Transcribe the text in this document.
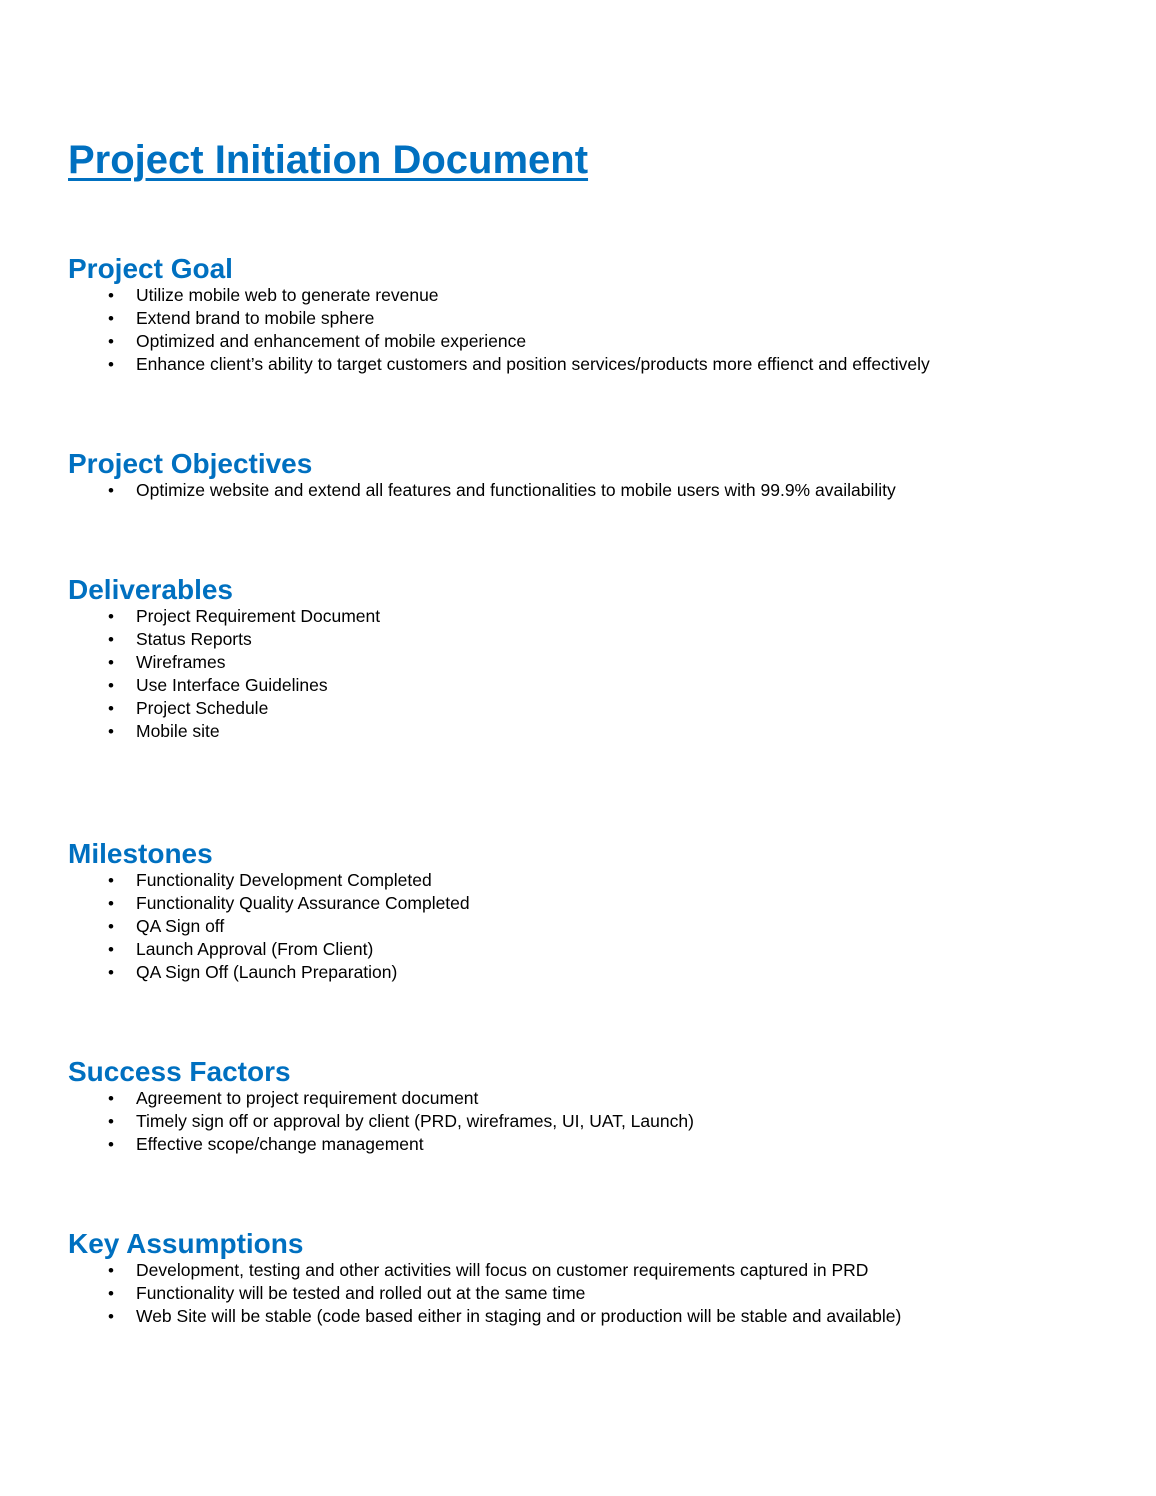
Project Initiation Document
Project Goal
• Utilize mobile web to generate revenue
• Extend brand to mobile sphere
• Optimized and enhancement of mobile experience
• Enhance client’s ability to target customers and position services/products more effienct and effectively
Project Objectives
• Optimize website and extend all features and functionalities to mobile users with 99.9% availability
Deliverables
• Project Requirement Document
• Status Reports
• Wireframes
• Use Interface Guidelines
• Project Schedule
• Mobile site
Milestones
• Functionality Development Completed
• Functionality Quality Assurance Completed
• QA Sign off
• Launch Approval (From Client)
• QA Sign Off (Launch Preparation)
Success Factors
• Agreement to project requirement document
• Timely sign off or approval by client (PRD, wireframes, UI, UAT, Launch)
• Effective scope/change management
Key Assumptions
• Development, testing and other activities will focus on customer requirements captured in PRD
• Functionality will be tested and rolled out at the same time
• Web Site will be stable (code based either in staging and or production will be stable and available)
